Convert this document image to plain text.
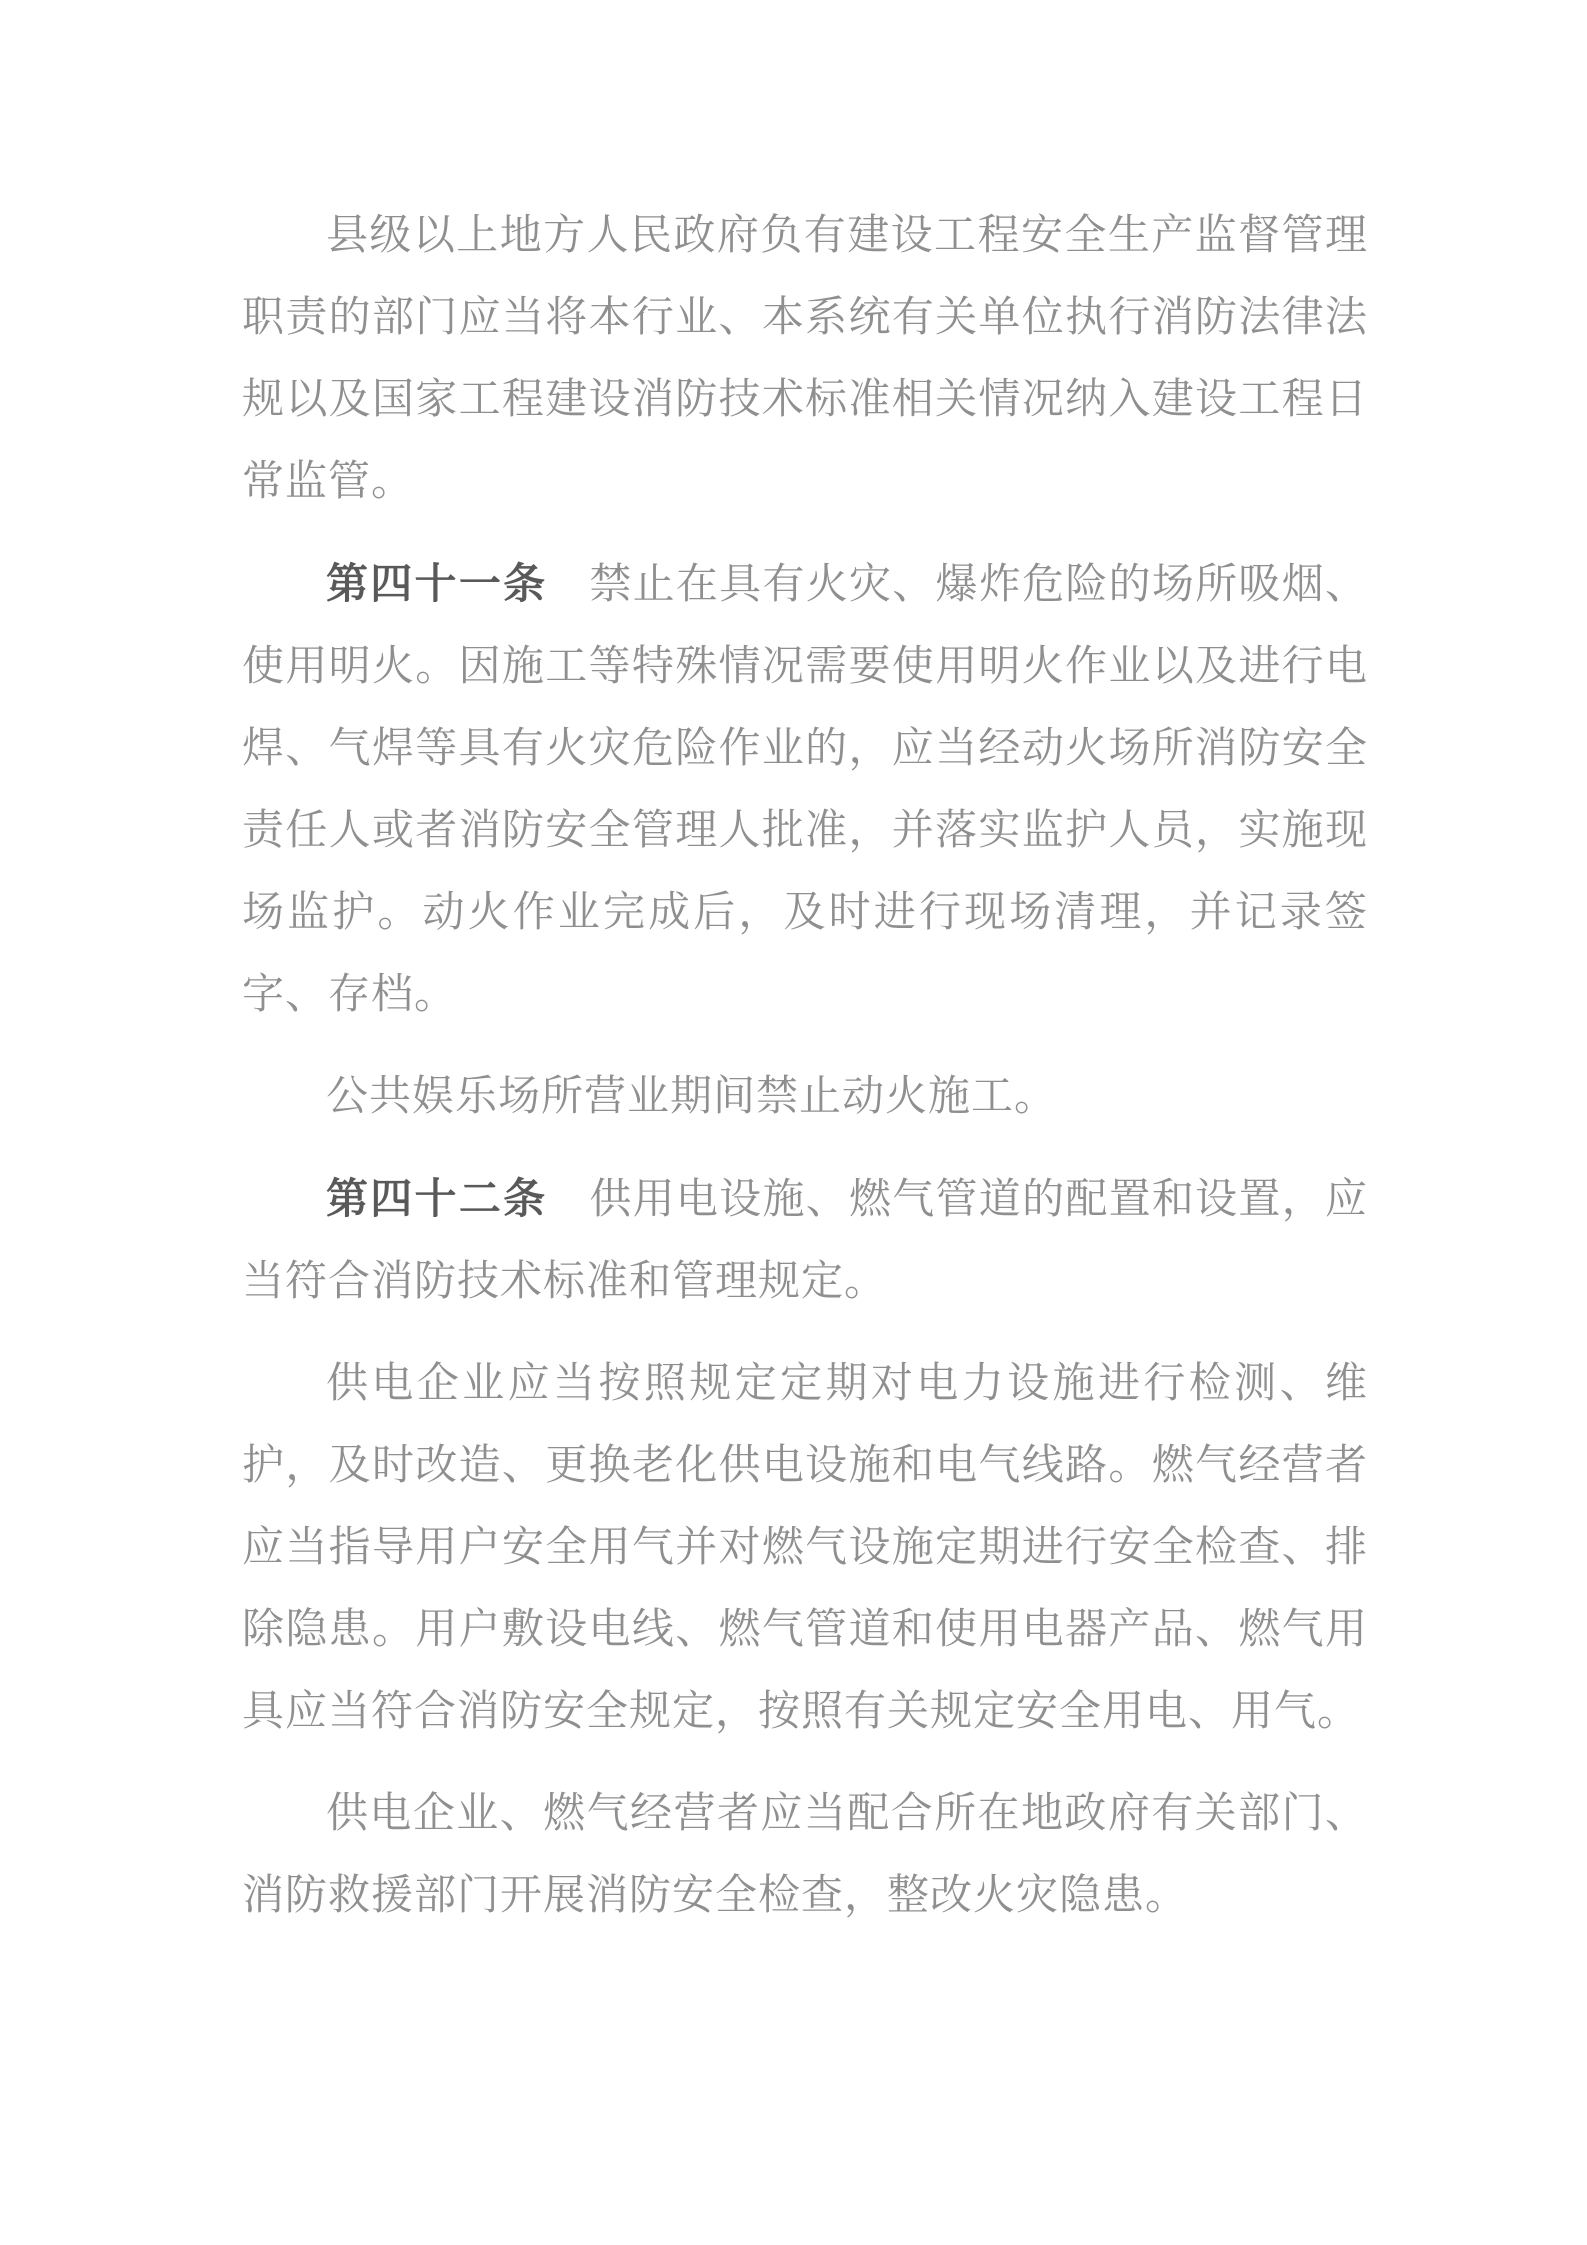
县级以上地方人民政府负有建设工程安全生产监督管理职责的部门应当将本行业、本系统有关单位执行消防法律法规以及国家工程建设消防技术标准相关情况纳入建设工程日常监管。

第四十一条 禁止在具有火灾、爆炸危险的场所吸烟、使用明火。因施工等特殊情况需要使用明火作业以及进行电焊、气焊等具有火灾危险作业的，应当经动火场所消防安全责任人或者消防安全管理人批准，并落实监护人员，实施现场监护。动火作业完成后，及时进行现场清理，并记录签字、存档。

公共娱乐场所营业期间禁止动火施工。

第四十二条 供用电设施、燃气管道的配置和设置，应当符合消防技术标准和管理规定。

供电企业应当按照规定定期对电力设施进行检测、维护，及时改造、更换老化供电设施和电气线路。燃气经营者应当指导用户安全用气并对燃气设施定期进行安全检查、排除隐患。用户敷设电线、燃气管道和使用电器产品、燃气用具应当符合消防安全规定，按照有关规定安全用电、用气。

供电企业、燃气经营者应当配合所在地政府有关部门、消防救援部门开展消防安全检查，整改火灾隐患。
